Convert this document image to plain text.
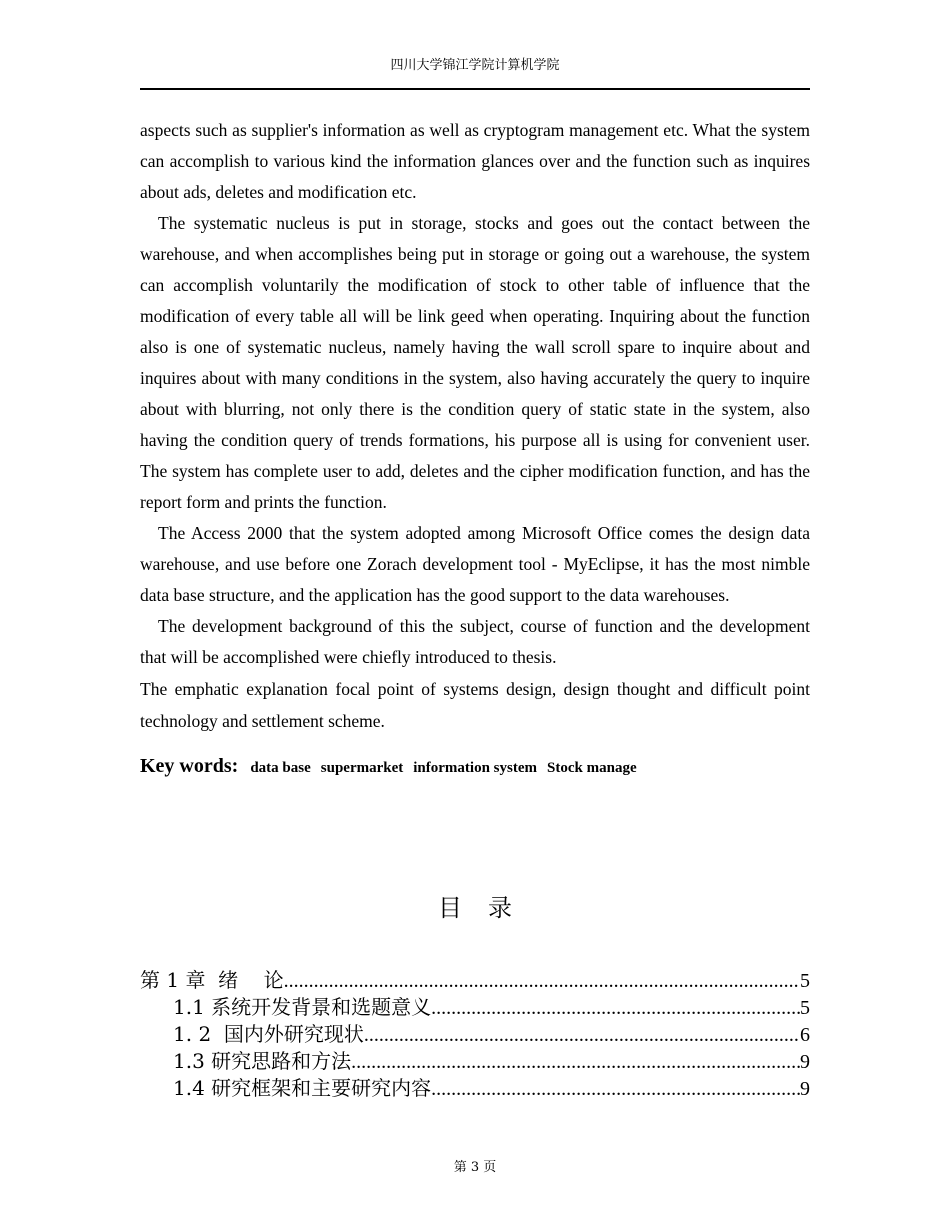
四川大学锦江学院计算机学院

aspects such as supplier's information as well as cryptogram management etc. What the system can accomplish to various kind the information glances over and the function such as inquires about ads, deletes and modification etc.

The systematic nucleus is put in storage, stocks and goes out the contact between the warehouse, and when accomplishes being put in storage or going out a warehouse, the system can accomplish voluntarily the modification of stock to other table of influence that the modification of every table all will be link geed when operating. Inquiring about the function also is one of systematic nucleus, namely having the wall scroll spare to inquire about and inquires about with many conditions in the system, also having accurately the query to inquire about with blurring, not only there is the condition query of static state in the system, also having the condition query of trends formations, his purpose all is using for convenient user. The system has complete user to add, deletes and the cipher modification function, and has the report form and prints the function.

The Access 2000 that the system adopted among Microsoft Office comes the design data warehouse, and use before one Zorach development tool - MyEclipse, it has the most nimble data base structure, and the application has the good support to the data warehouses.

The development background of this the subject, course of function and the development that will be accomplished were chiefly introduced to thesis.

The emphatic explanation focal point of systems design, design thought and difficult point technology and settlement scheme.

Key words: data base supermarket information system Stock manage
目录
第 1 章  绪    论 .....	5
1.1 系统开发背景和选题意义 .....	5
1. 2  国内外研究现状 .....	6
1.3 研究思路和方法 .....	9
1.4 研究框架和主要研究内容 .....	9
第 3 页
